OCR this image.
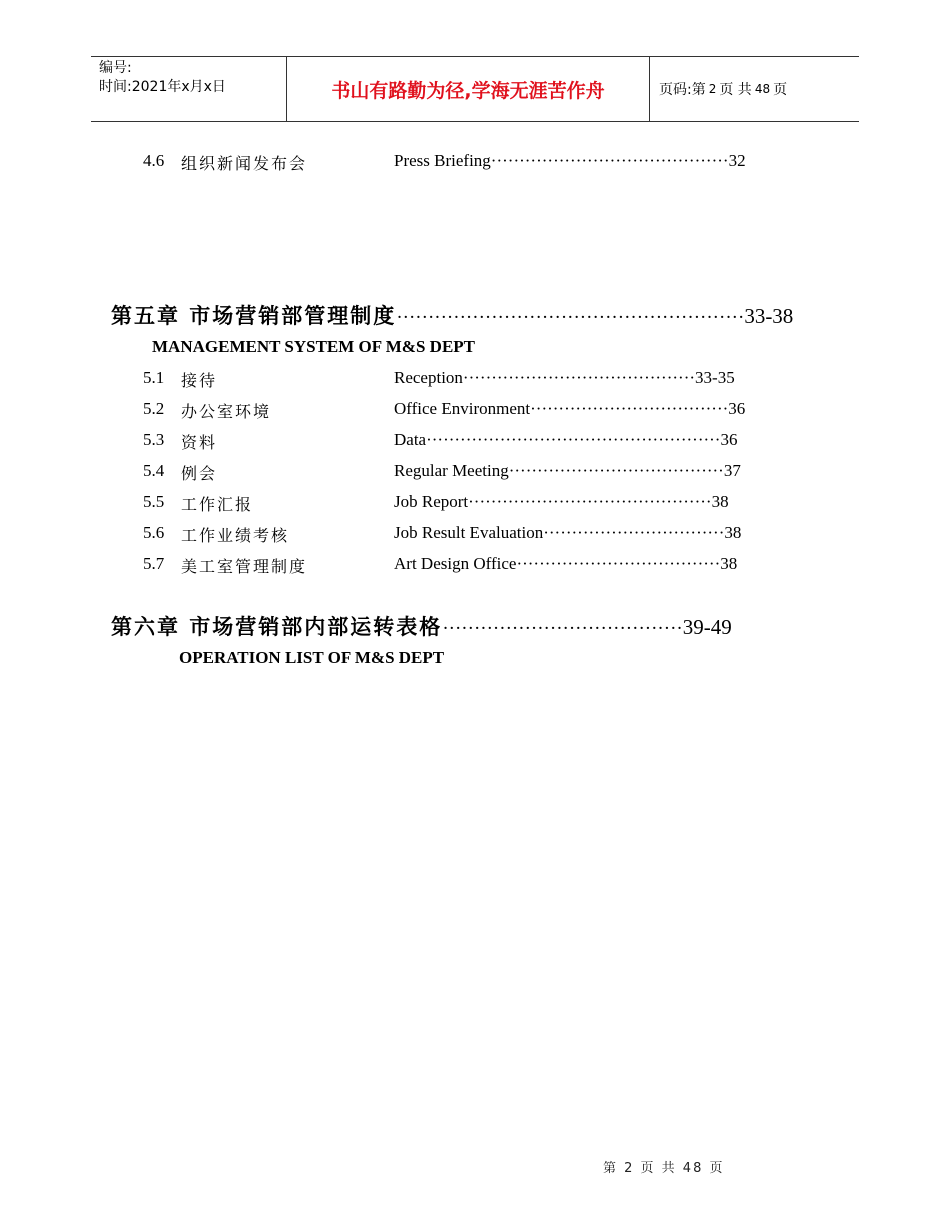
编号:
时间:2021年x月x日	书山有路勤为径,学海无涯苦作舟	页码:第 2 页 共 48 页
4.6 组织新闻发布会	Press Briefing··········································32
第五章 市场营销部管理制度·······················································33-38
MANAGEMENT SYSTEM OF M&S DEPT
5.1 接待	Reception·········································33-35
5.2 办公室环境	Office Environment···································36
5.3 资料	Data····················································36
5.4 例会	Regular Meeting······································37
5.5 工作汇报	Job Report···········································38
5.6 工作业绩考核	Job Result Evaluation································38
5.7 美工室管理制度	Art Design Office····································38
第六章 市场营销部内部运转表格······································39-49
OPERATION LIST OF M&S DEPT
第 2 页 共 48 页
